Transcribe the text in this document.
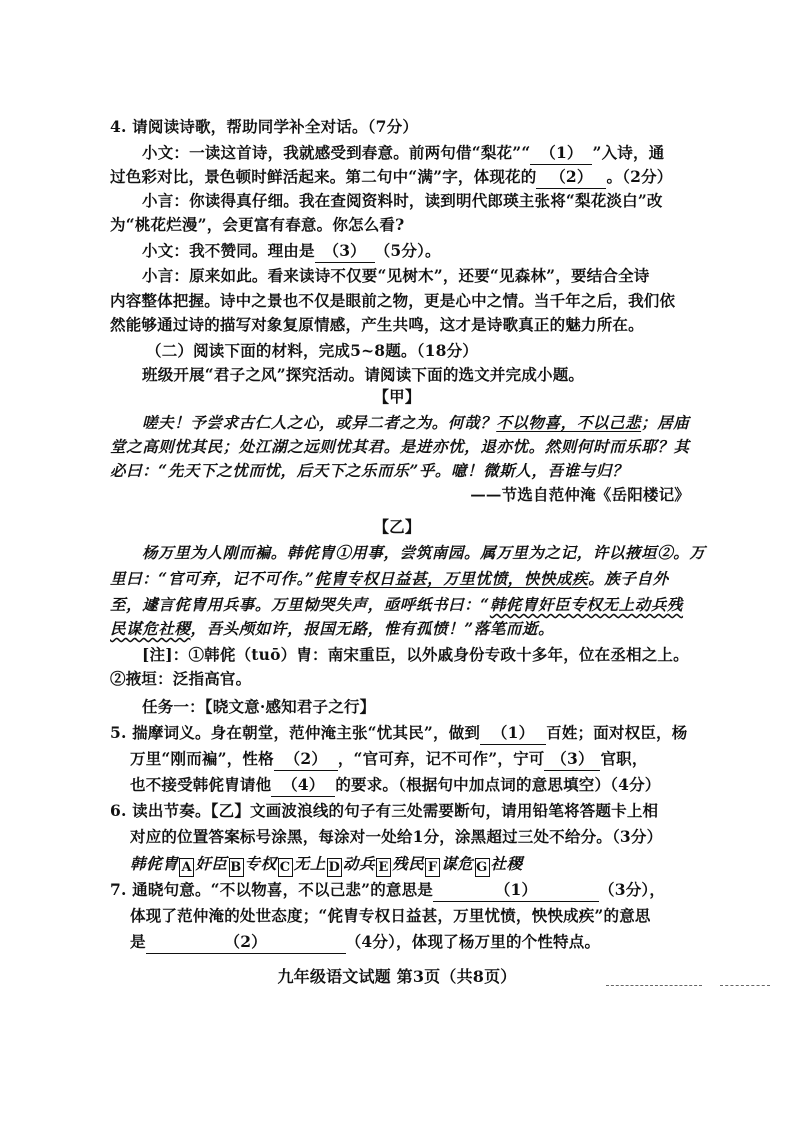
4. 请阅读诗歌，帮助同学补全对话。（7分）
小文：一读这首诗，我就感受到春意。前两句借“梨花”“ （1） ”入诗，通
过色彩对比，景色顿时鲜活起来。第二句中“满”字，体现花的 （2） 。（2分）
小言：你读得真仔细。我在查阅资料时，读到明代郎瑛主张将“梨花淡白”改
为“桃花烂漫”，会更富有春意。你怎么看?
小文：我不赞同。理由是 （3） （5分）。
小言：原来如此。看来读诗不仅要“见树木”，还要“见森林”，要结合全诗
内容整体把握。诗中之景也不仅是眼前之物，更是心中之情。当千年之后，我们依
然能够通过诗的描写对象复原情感，产生共鸣，这才是诗歌真正的魅力所在。
（二）阅读下面的材料，完成5~8题。（18分）
班级开展“君子之风”探究活动。请阅读下面的选文并完成小题。
【甲】
嗟夫！予尝求古仁人之心，或异二者之为。何哉？不以物喜，不以己悲；居庙
堂之高则忧其民；处江湖之远则忧其君。是进亦忧，退亦忧。然则何时而乐耶？其
必曰：“先天下之忧而忧，后天下之乐而乐”乎。噫！微斯人，吾谁与归？
——节选自范仲淹《岳阳楼记》
【乙】
杨万里为人刚而褊。韩侂胄①用事，尝筑南园。属万里为之记，许以掖垣②。万
里曰：“官可弃，记不可作。”侂胄专权日益甚，万里忧愤，怏怏成疾。族子自外
至，遽言侂胄用兵事。万里恸哭失声，亟呼纸书曰：“韩侂胄奸臣专权无上动兵残
民谋危社稷，吾头颅如许，报国无路，惟有孤愤！”落笔而逝。
[注]：①韩侂（tuō）胄：南宋重臣，以外戚身份专政十多年，位在丞相之上。
②掖垣：泛指高官。
任务一：【晓文意·感知君子之行】
5. 揣摩词义。身在朝堂，范仲淹主张“忧其民”，做到 （1） 百姓；面对权臣，杨
万里“刚而褊”，性格 （2） ，“官可弃，记不可作”，宁可 （3） 官职，
也不接受韩侂胄请他 （4） 的要求。（根据句中加点词的意思填空）（4分）
6. 读出节奏。【乙】文画波浪线的句子有三处需要断句，请用铅笔将答题卡上相
对应的位置答案标号涂黑，每涂对一处给1分，涂黑超过三处不给分。（3分）
韩侂胄 A 奸臣 B 专权 C 无上 D 动兵 E 残民 F 谋危 G 社稷
7. 通晓句意。“不以物喜，不以己悲”的意思是	（1）	（3分），
体现了范仲淹的处世态度；“侂胄专权日益甚，万里忧愤，怏怏成疾”的意思
是	（2）	（4分），体现了杨万里的个性特点。
九年级语文试题 第3页（共8页）
